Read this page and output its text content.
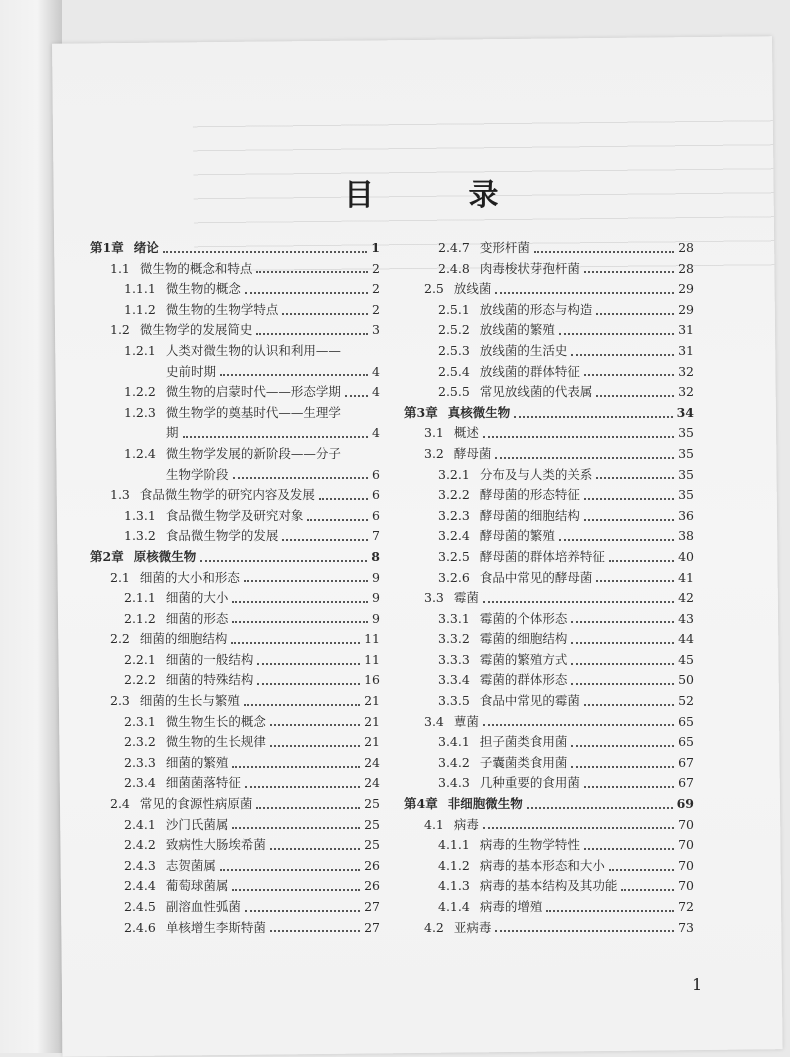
目 录
第1章 绪论	1
1.1 微生物的概念和特点	2
1.1.1 微生物的概念	2
1.1.2 微生物的生物学特点	2
1.2 微生物学的发展简史	3
1.2.1 人类对微生物的认识和利用——
史前时期	4
1.2.2 微生物的启蒙时代——形态学期 4
1.2.3 微生物学的奠基时代——生理学
期	4
1.2.4 微生物学发展的新阶段——分子
生物学阶段	6
1.3 食品微生物学的研究内容及发展	6
1.3.1 食品微生物学及研究对象	6
1.3.2 食品微生物学的发展	7
第2章 原核微生物	8
2.1 细菌的大小和形态	9
2.1.1 细菌的大小	9
2.1.2 细菌的形态	9
2.2 细菌的细胞结构	11
2.2.1 细菌的一般结构	11
2.2.2 细菌的特殊结构	16
2.3 细菌的生长与繁殖	21
2.3.1 微生物生长的概念	21
2.3.2 微生物的生长规律	21
2.3.3 细菌的繁殖	24
2.3.4 细菌菌落特征	24
2.4 常见的食源性病原菌	25
2.4.1 沙门氏菌属	25
2.4.2 致病性大肠埃希菌	25
2.4.3 志贺菌属	26
2.4.4 葡萄球菌属	26
2.4.5 副溶血性弧菌	27
2.4.6 单核增生李斯特菌	27
2.4.7 变形杆菌	28
2.4.8 肉毒梭状芽孢杆菌	28
2.5 放线菌	29
2.5.1 放线菌的形态与构造	29
2.5.2 放线菌的繁殖	31
2.5.3 放线菌的生活史	31
2.5.4 放线菌的群体特征	32
2.5.5 常见放线菌的代表属	32
第3章 真核微生物	34
3.1 概述	35
3.2 酵母菌	35
3.2.1 分布及与人类的关系	35
3.2.2 酵母菌的形态特征	35
3.2.3 酵母菌的细胞结构	36
3.2.4 酵母菌的繁殖	38
3.2.5 酵母菌的群体培养特征	40
3.2.6 食品中常见的酵母菌	41
3.3 霉菌	42
3.3.1 霉菌的个体形态	43
3.3.2 霉菌的细胞结构	44
3.3.3 霉菌的繁殖方式	45
3.3.4 霉菌的群体形态	50
3.3.5 食品中常见的霉菌	52
3.4 蕈菌	65
3.4.1 担子菌类食用菌	65
3.4.2 子囊菌类食用菌	67
3.4.3 几种重要的食用菌	67
第4章 非细胞微生物	69
4.1 病毒	70
4.1.1 病毒的生物学特性	70
4.1.2 病毒的基本形态和大小	70
4.1.3 病毒的基本结构及其功能	70
4.1.4 病毒的增殖	72
4.2 亚病毒	73
1
